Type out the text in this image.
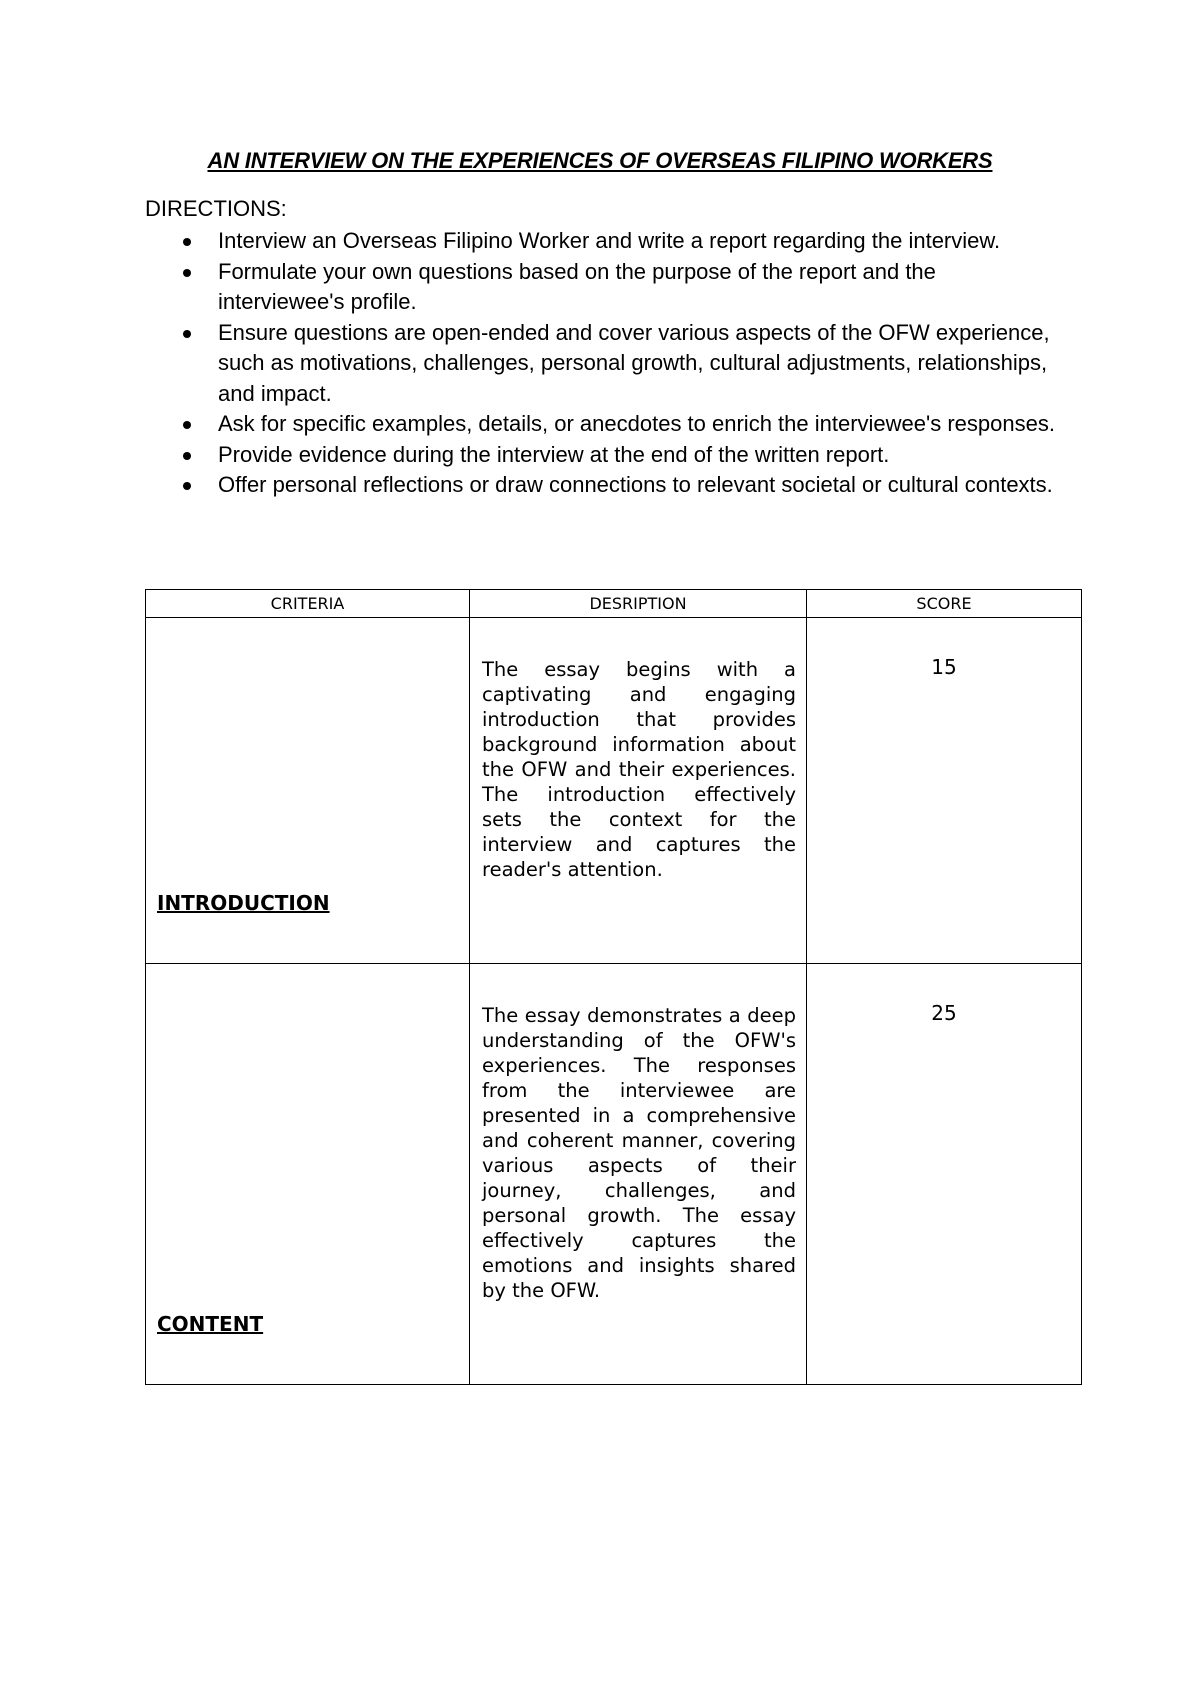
AN INTERVIEW ON THE EXPERIENCES OF OVERSEAS FILIPINO WORKERS
DIRECTIONS:
Interview an Overseas Filipino Worker and write a report regarding the interview.
Formulate your own questions based on the purpose of the report and the interviewee's profile.
Ensure questions are open-ended and cover various aspects of the OFW experience, such as motivations, challenges, personal growth, cultural adjustments, relationships, and impact.
Ask for specific examples, details, or anecdotes to enrich the interviewee's responses.
Provide evidence during the interview at the end of the written report.
Offer personal reflections or draw connections to relevant societal or cultural contexts.
CRITERIA	DESRIPTION	SCORE

INTRODUCTION	The essay begins with a captivating and engaging introduction that provides background information about the OFW and their experiences. The introduction effectively sets the context for the interview and captures the reader's attention.	15

CONTENT	The essay demonstrates a deep understanding of the OFW's experiences. The responses from the interviewee are presented in a comprehensive and coherent manner, covering various aspects of their journey, challenges, and personal growth. The essay effectively captures the emotions and insights shared by the OFW.	25
